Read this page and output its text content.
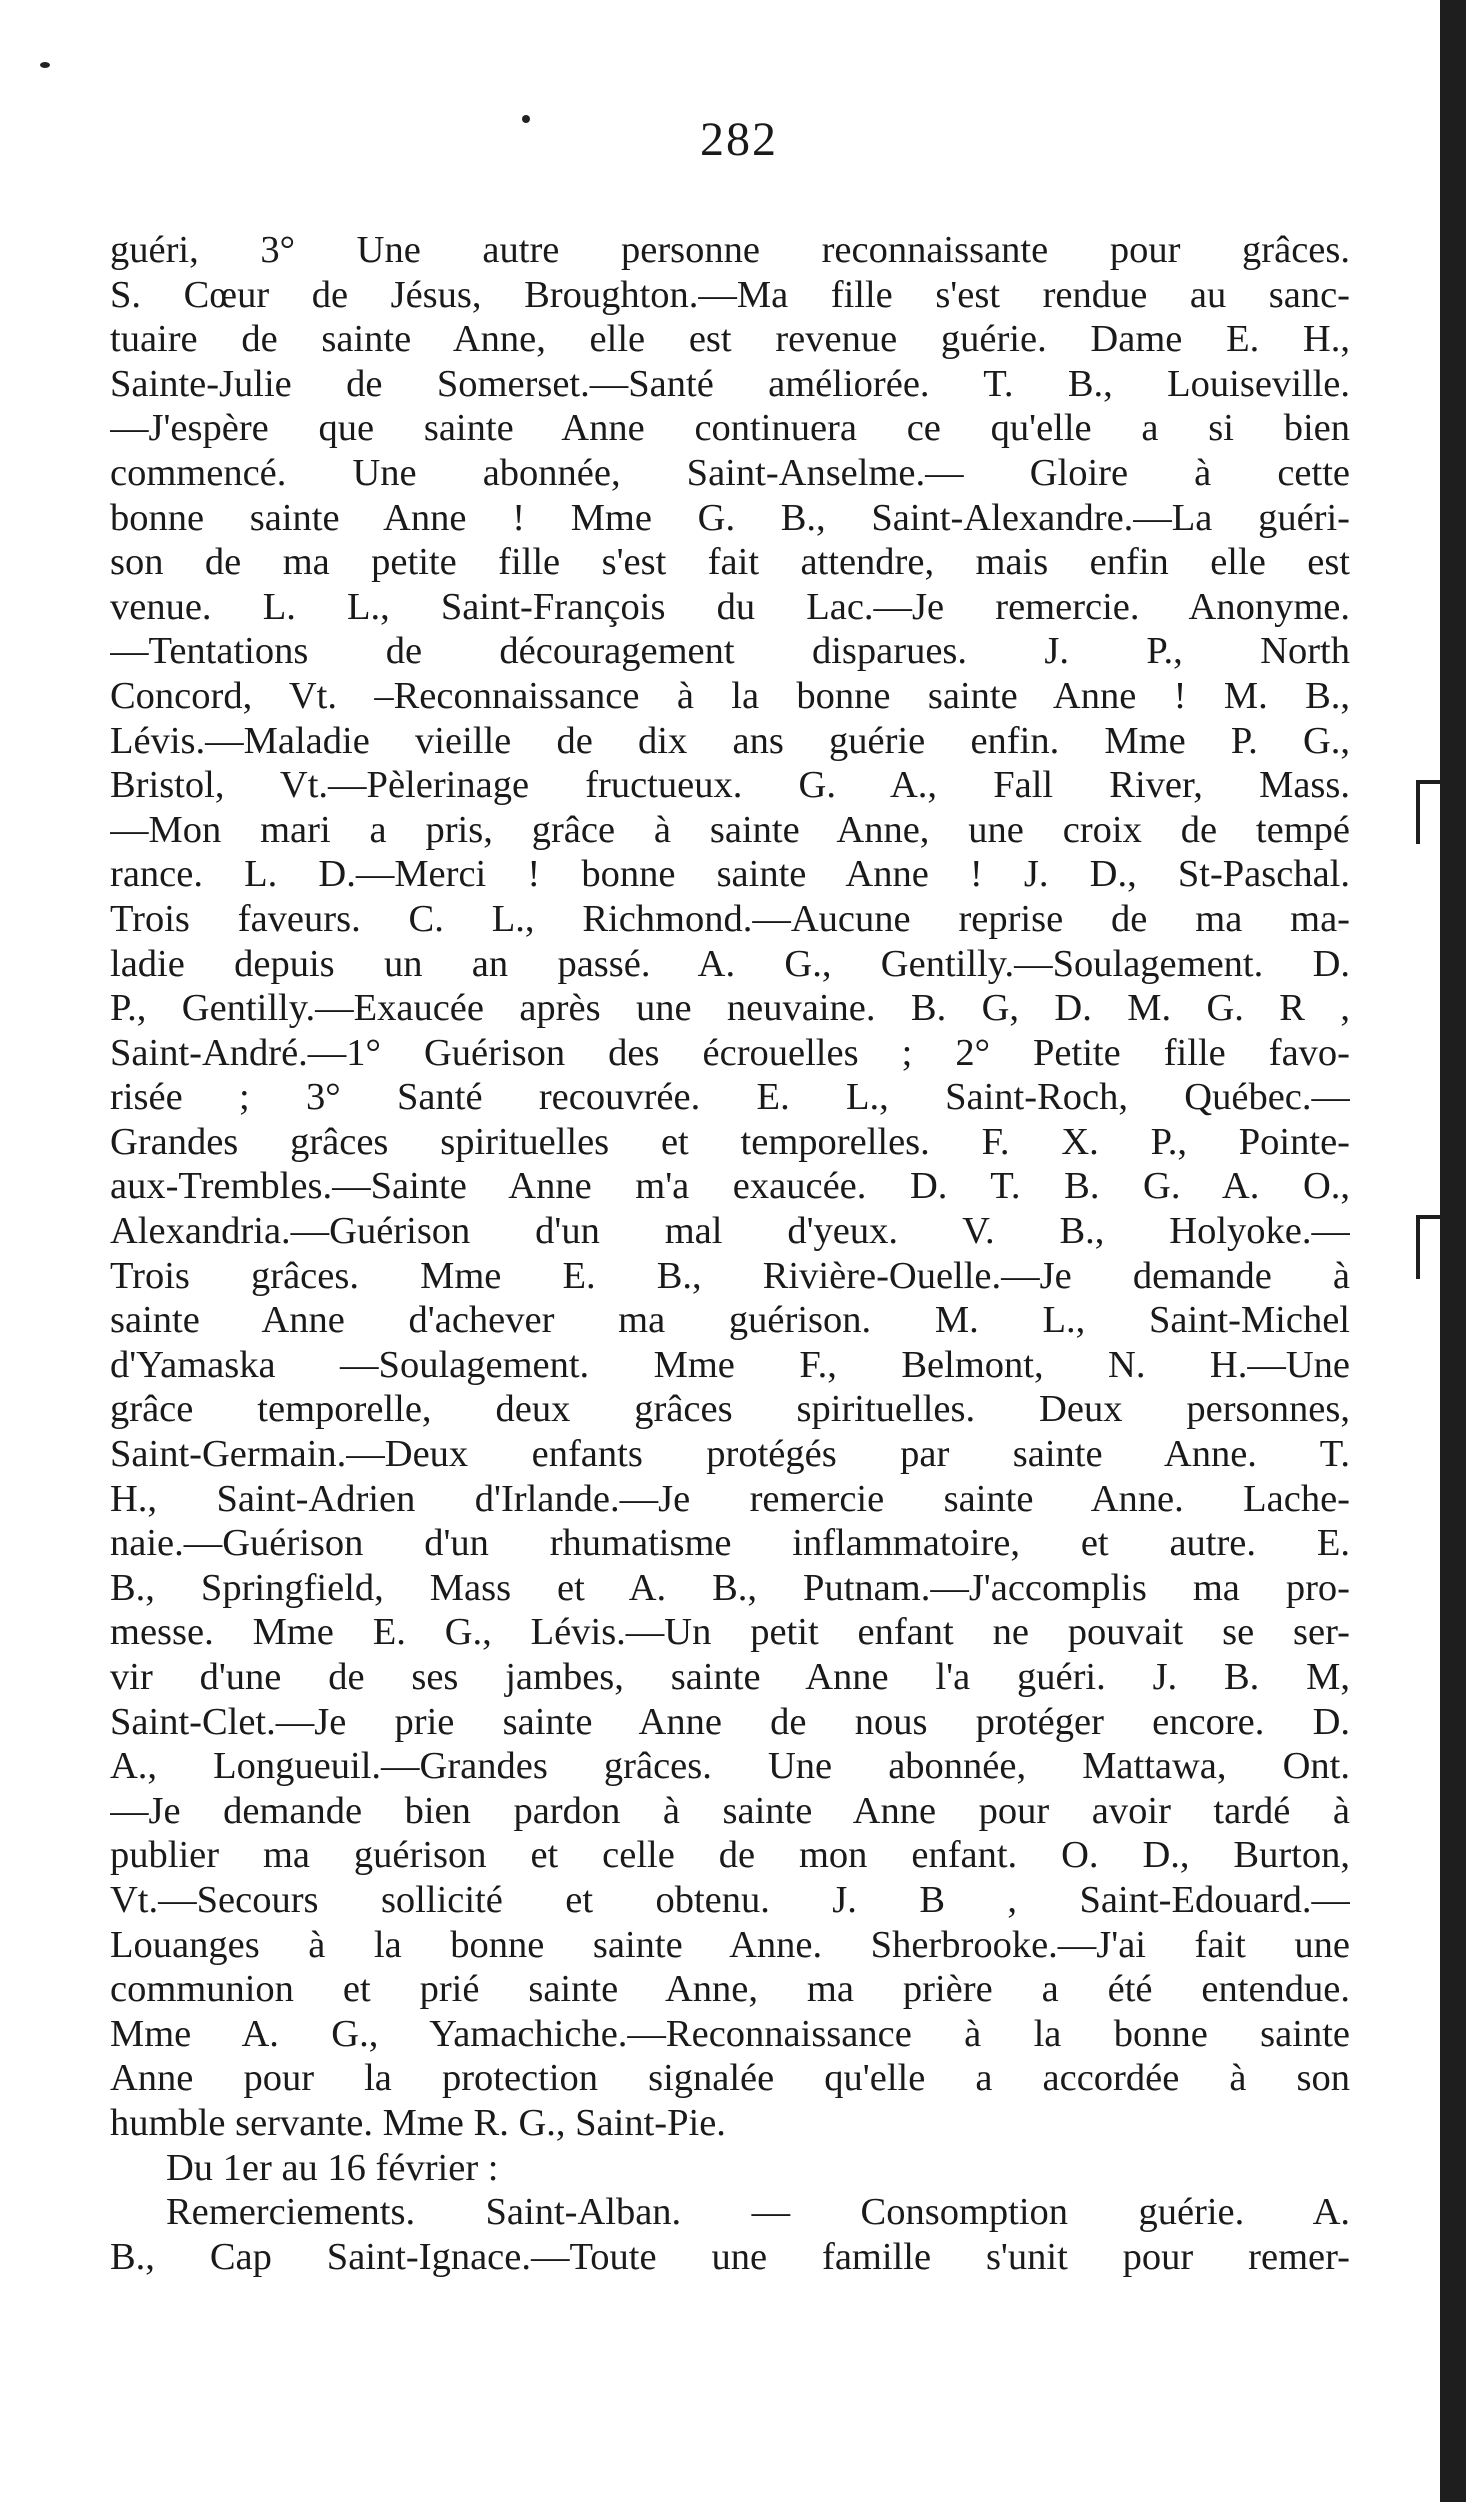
282
guéri, 3° Une autre personne reconnaissante pour grâces.
S. Cœur de Jésus, Broughton.—Ma fille s'est rendue au sanc-
tuaire de sainte Anne, elle est revenue guérie. Dame E. H.,
Sainte-Julie de Somerset.—Santé améliorée. T. B., Louiseville.
—J'espère que sainte Anne continuera ce qu'elle a si bien
commencé. Une abonnée, Saint-Anselme.— Gloire à cette
bonne sainte Anne ! Mme G. B., Saint-Alexandre.—La guéri-
son de ma petite fille s'est fait attendre, mais enfin elle est
venue. L. L., Saint-François du Lac.—Je remercie. Anonyme.
—Tentations de découragement disparues. J. P., North
Concord, Vt. –Reconnaissance à la bonne sainte Anne ! M. B.,
Lévis.—Maladie vieille de dix ans guérie enfin. Mme P. G.,
Bristol, Vt.—Pèlerinage fructueux. G. A., Fall River, Mass.
—Mon mari a pris, grâce à sainte Anne, une croix de tempé
rance. L. D.—Merci ! bonne sainte Anne ! J. D., St-Paschal.
Trois faveurs. C. L., Richmond.—Aucune reprise de ma ma-
ladie depuis un an passé. A. G., Gentilly.—Soulagement. D.
P., Gentilly.—Exaucée après une neuvaine. B. G, D. M. G. R ,
Saint-André.—1° Guérison des écrouelles ; 2° Petite fille favo-
risée ; 3° Santé recouvrée. E. L., Saint-Roch, Québec.—
Grandes grâces spirituelles et temporelles. F. X. P., Pointe-
aux-Trembles.—Sainte Anne m'a exaucée. D. T. B. G. A. O.,
Alexandria.—Guérison d'un mal d'yeux. V. B., Holyoke.—
Trois grâces. Mme E. B., Rivière-Ouelle.—Je demande à
sainte Anne d'achever ma guérison. M. L., Saint-Michel
d'Yamaska —Soulagement. Mme F., Belmont, N. H.—Une
grâce temporelle, deux grâces spirituelles. Deux personnes,
Saint-Germain.—Deux enfants protégés par sainte Anne. T.
H., Saint-Adrien d'Irlande.—Je remercie sainte Anne. Lache-
naie.—Guérison d'un rhumatisme inflammatoire, et autre. E.
B., Springfield, Mass et A. B., Putnam.—J'accomplis ma pro-
messe. Mme E. G., Lévis.—Un petit enfant ne pouvait se ser-
vir d'une de ses jambes, sainte Anne l'a guéri. J. B. M,
Saint-Clet.—Je prie sainte Anne de nous protéger encore. D.
A., Longueuil.—Grandes grâces. Une abonnée, Mattawa, Ont.
—Je demande bien pardon à sainte Anne pour avoir tardé à
publier ma guérison et celle de mon enfant. O. D., Burton,
Vt.—Secours sollicité et obtenu. J. B , Saint-Edouard.—
Louanges à la bonne sainte Anne. Sherbrooke.—J'ai fait une
communion et prié sainte Anne, ma prière a été entendue.
Mme A. G., Yamachiche.—Reconnaissance à la bonne sainte
Anne pour la protection signalée qu'elle a accordée à son
humble servante. Mme R. G., Saint-Pie.
Du 1er au 16 février :
Remerciements. Saint-Alban. — Consomption guérie. A.
B., Cap Saint-Ignace.—Toute une famille s'unit pour remer-
